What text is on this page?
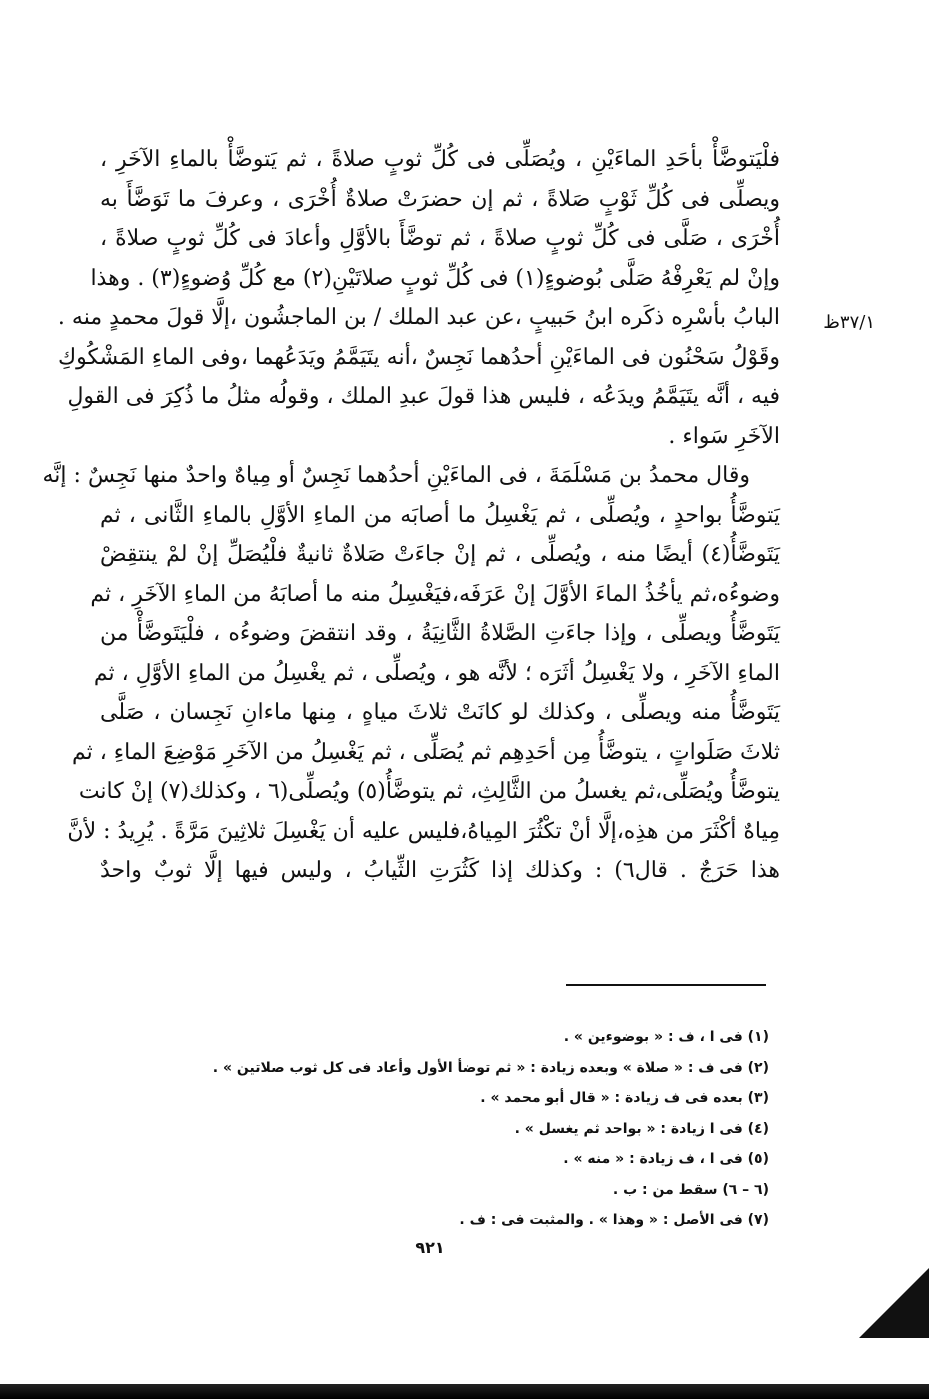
٣٧/١ظ
فلْيَتوضَّأْ بأحَدِ الماءَيْنِ ، ويُصَلِّى فى كُلِّ ثوبٍ صلاةً ، ثم يَتوضَّأْ بالماءِ الآخَرِ ،
ويصلِّى فى كُلِّ ثَوْبٍ صَلاةً ، ثم إن حضرَتْ صلاةٌ أُخْرَى ، وعرفَ ما تَوَضَّأَ به
أُخْرَى ، صَلَّى فى كُلِّ ثوبٍ صلاةً ، ثم توضَّأَ بالأوَّلِ وأعادَ فى كُلِّ ثوبٍ صلاةً ،
وإنْ لم يَعْرِفْهُ صَلَّى بُوضوءٍ(١) فى كُلِّ ثوبٍ صلاتَيْنِ(٢) مع كُلِّ وُضوءٍ(٣) . وهذا
البابُ بأسْرِه ذكَره ابنُ حَبيبٍ ،عن عبد الملك / بن الماجشُون ،إلَّا قولَ محمدٍ منه .
وقَوْلُ سَحْنُون فى الماءَيْنِ أحدُهما نَجِسٌ ،أنه يتَيَمَّمُ ويَدَعُهما ،وفى الماءِ المَشْكُوكِ
فيه ، أنَّه يتَيَمَّمُ ويدَعُه ، فليس هذا قولَ عبدِ الملك ، وقولُه مثلُ ما ذُكِرَ فى القولِ
الآخَرِ سَواء .
وقال محمدُ بن مَسْلَمَةَ ، فى الماءَيْنِ أحدُهما نَجِسٌ أو مِياهٌ واحدٌ منها نَجِسٌ : إنَّه
يَتوضَّأُ بواحدٍ ، ويُصلِّى ، ثم يَغْسِلُ ما أصابَه من الماءِ الأوَّلِ بالماءِ الثَّانى ، ثم
يَتَوضَّأُ(٤) أيضًا منه ، ويُصلِّى ، ثم إنْ جاءَتْ صَلاةٌ ثانيةٌ فلْيُصَلِّ إنْ لمْ ينتقِضْ
وضوءُه،ثم يأخُذُ الماءَ الأوَّلَ إنْ عَرَفَه،فيَغْسِلُ منه ما أصابَهُ من الماءِ الآخَرِ ، ثم
يَتَوضَّأُ ويصلِّى ، وإذا جاءَتِ الصَّلاةُ الثَّانِيَةُ ، وقد انتقضَ وضوءُه ، فلْيَتَوضَّأْ من
الماءِ الآخَرِ ، ولا يَغْسِلُ أثَرَه ؛ لأنَّه هو ، ويُصلِّى ، ثم يغْسِلُ من الماءِ الأوَّلِ ، ثم
يَتَوضَّأُ منه ويصلِّى ، وكذلك لو كانَتْ ثلاثَ مياهٍ ، مِنها ماءانِ نَجِسان ، صَلَّى
ثلاثَ صَلَواتٍ ، يتوضَّأُ مِن أحَدِهِم ثم يُصَلِّى ، ثم يَغْسِلُ من الآخَرِ مَوْضِعَ الماءِ ، ثم
يتوضَّأُ ويُصَلِّى،ثم يغسلُ من الثَّالِثِ، ثم يتوضَّأُ(٥) ويُصلِّى(٦ ، وكذلك(٧) إنْ كانت
مِياهٌ أكْثَرَ من هذِه،إلَّا أنْ تكْثُرَ المِياهُ،فليس عليه أن يَغْسِلَ ثلاثِينَ مَرَّةً . يُرِيدُ : لأنَّ
هذا حَرَجٌ . قال٦) : وكذلك إذا كَثُرَتِ الثِّيابُ ، وليس فيها إلَّا ثوبٌ واحدٌ
(١) فى ا ، ف : « بوضوءين » .
(٢) فى ف : « صلاة » وبعده زيادة : « ثم توضأ الأول وأعاد فى كل ثوب صلاتين » .
(٣) بعده فى ف زيادة : « قال أبو محمد » .
(٤) فى ا زيادة : « بواحد ثم يغسل » .
(٥) فى ا ، ف زيادة : « منه » .
(٦ – ٦) سقط من : ب .
(٧) فى الأصل : « وهذا » . والمثبت فى : ف .
٩٢١
